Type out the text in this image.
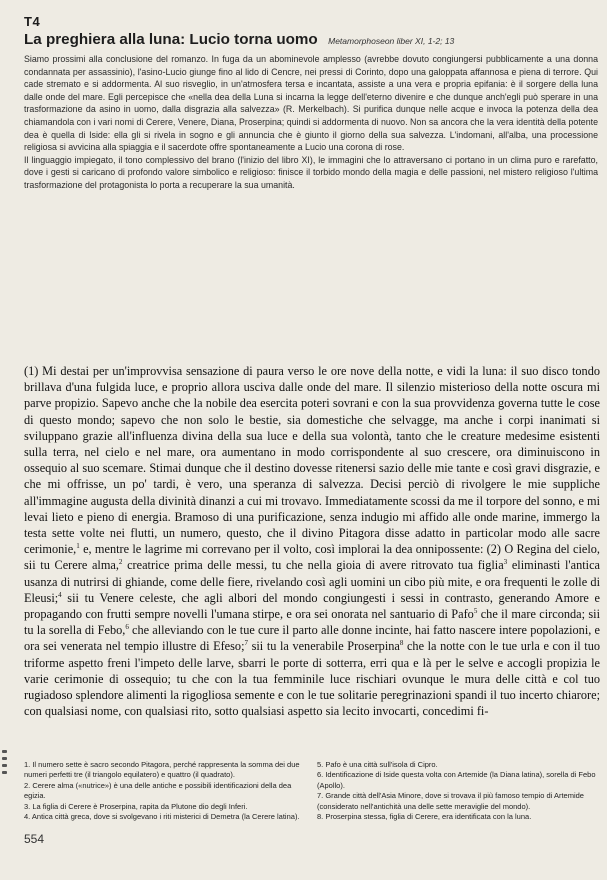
T4
La preghiera alla luna: Lucio torna uomo Metamorphoseon liber XI, 1-2; 13

Siamo prossimi alla conclusione del romanzo. In fuga da un abominevole amplesso (avrebbe dovuto congiungersi pubblicamente a una donna condannata per assassinio), l'asino-Lucio giunge fino al lido di Cencre, nei pressi di Corinto, dopo una galoppata affannosa e piena di terrore. Qui cade stremato e si addormenta. Al suo risveglio, in un'atmosfera tersa e incantata, assiste a una vera e propria epifania: è il sorgere della luna dalle onde del mare. Egli percepisce che «nella dea della Luna si incarna la legge dell'eterno divenire e che dunque anch'egli può sperare in una trasformazione da asino in uomo, dalla disgrazia alla salvezza» (R. Merkelbach). Si purifica dunque nelle acque e invoca la potenza della dea chiamandola con i vari nomi di Cerere, Venere, Diana, Proserpina; quindi si addormenta di nuovo. Non sa ancora che la vera identità della potente dea è quella di Iside: ella gli si rivela in sogno e gli annuncia che è giunto il giorno della sua salvezza. L'indomani, all'alba, una processione religiosa si avvicina alla spiaggia e il sacerdote offre spontaneamente a Lucio una corona di rose.

Il linguaggio impiegato, il tono complessivo del brano (l'inizio del libro XI), le immagini che lo attraversano ci portano in un clima puro e rarefatto, dove i gesti si caricano di profondo valore simbolico e religioso: finisce il torbido mondo della magia e delle passioni, nel mistero religioso l'ultima trasformazione del protagonista lo porta a recuperare la sua umanità.

(1) Mi destai per un'improvvisa sensazione di paura verso le ore nove della notte, e vidi la luna: il suo disco tondo brillava d'una fulgida luce, e proprio allora usciva dalle onde del mare. Il silenzio misterioso della notte oscura mi parve propizio. Sapevo anche che la nobile dea esercita poteri sovrani e con la sua provvidenza governa tutte le cose di questo mondo; sapevo che non solo le bestie, sia domestiche che selvagge, ma anche i corpi inanimati si sviluppano grazie all'influenza divina della sua luce e della sua volontà, tanto che le creature medesime esistenti sulla terra, nel cielo e nel mare, ora aumentano in modo corrispondente al suo crescere, ora diminuiscono in ossequio al suo scemare. Stimai dunque che il destino dovesse ritenersi sazio delle mie tante e così gravi disgrazie, e che mi offrisse, un po' tardi, è vero, una speranza di salvezza. Decisi perciò di rivolgere le mie suppliche all'immagine augusta della divinità dinanzi a cui mi trovavo. Immediatamente scossi da me il torpore del sonno, e mi levai lieto e pieno di energia. Bramoso di una purificazione, senza indugio mi affido alle onde marine, immergo la testa sette volte nei flutti, un numero, questo, che il divino Pitagora disse adatto in particolar modo alle sacre cerimonie,$^1$ e, mentre le lagrime mi correvano per il volto, così implorai la dea onnipossente: (2) O Regina del cielo, sii tu Cerere alma,$^2$ creatrice prima delle messi, tu che nella gioia di avere ritrovato tua figlia$^3$ eliminasti l'antica usanza di nutrirsi di ghiande, come delle fiere, rivelando così agli uomini un cibo più mite, e ora frequenti le zolle di Eleusi;$^4$ sii tu Venere celeste, che agli albori del mondo congiungesti i sessi in contrasto, generando Amore e propagando con frutti sempre novelli l'umana stirpe, e ora sei onorata nel santuario di Pafo$^5$ che il mare circonda; sii tu la sorella di Febo,$^6$ che alleviando con le tue cure il parto alle donne incinte, hai fatto nascere intere popolazioni, e ora sei venerata nel tempio illustre di Efeso;$^7$ sii tu la venerabile Proserpina$^8$ che la notte con le tue urla e con il tuo triforme aspetto freni l'impeto delle larve, sbarri le porte di sotterra, erri qua e là per le selve e accogli propizia le varie cerimonie di ossequio; tu che con la tua femminile luce rischiari ovunque le mura delle città e col tuo rugiadoso splendore alimenti la rigogliosa semente e con le tue solitarie peregrinazioni spandi il tuo incerto chiarore; con qualsiasi nome, con qualsiasi rito, sotto qualsiasi aspetto sia lecito invocarti, concedimi fi-

1. Il numero sette è sacro secondo Pitagora, perché rappresenta la somma dei due numeri perfetti tre (il triangolo equilatero) e quattro (il quadrato).

2. Cerere alma («nutrice») è una delle antiche e possibili identificazioni della dea egizia.

3. La figlia di Cerere è Proserpina, rapita da Plutone dio degli Inferi.

4. Antica città greca, dove si svolgevano i riti misterici di Demetra (la Cerere latina).

5. Pafo è una città sull'isola di Cipro.

6. Identificazione di Iside questa volta con Artemide (la Diana latina), sorella di Febo (Apollo).

7. Grande città dell'Asia Minore, dove si trovava il più famoso tempio di Artemide (considerato nell'antichità una delle sette meraviglie del mondo).

8. Proserpina stessa, figlia di Cerere, era identificata con la luna.

554
